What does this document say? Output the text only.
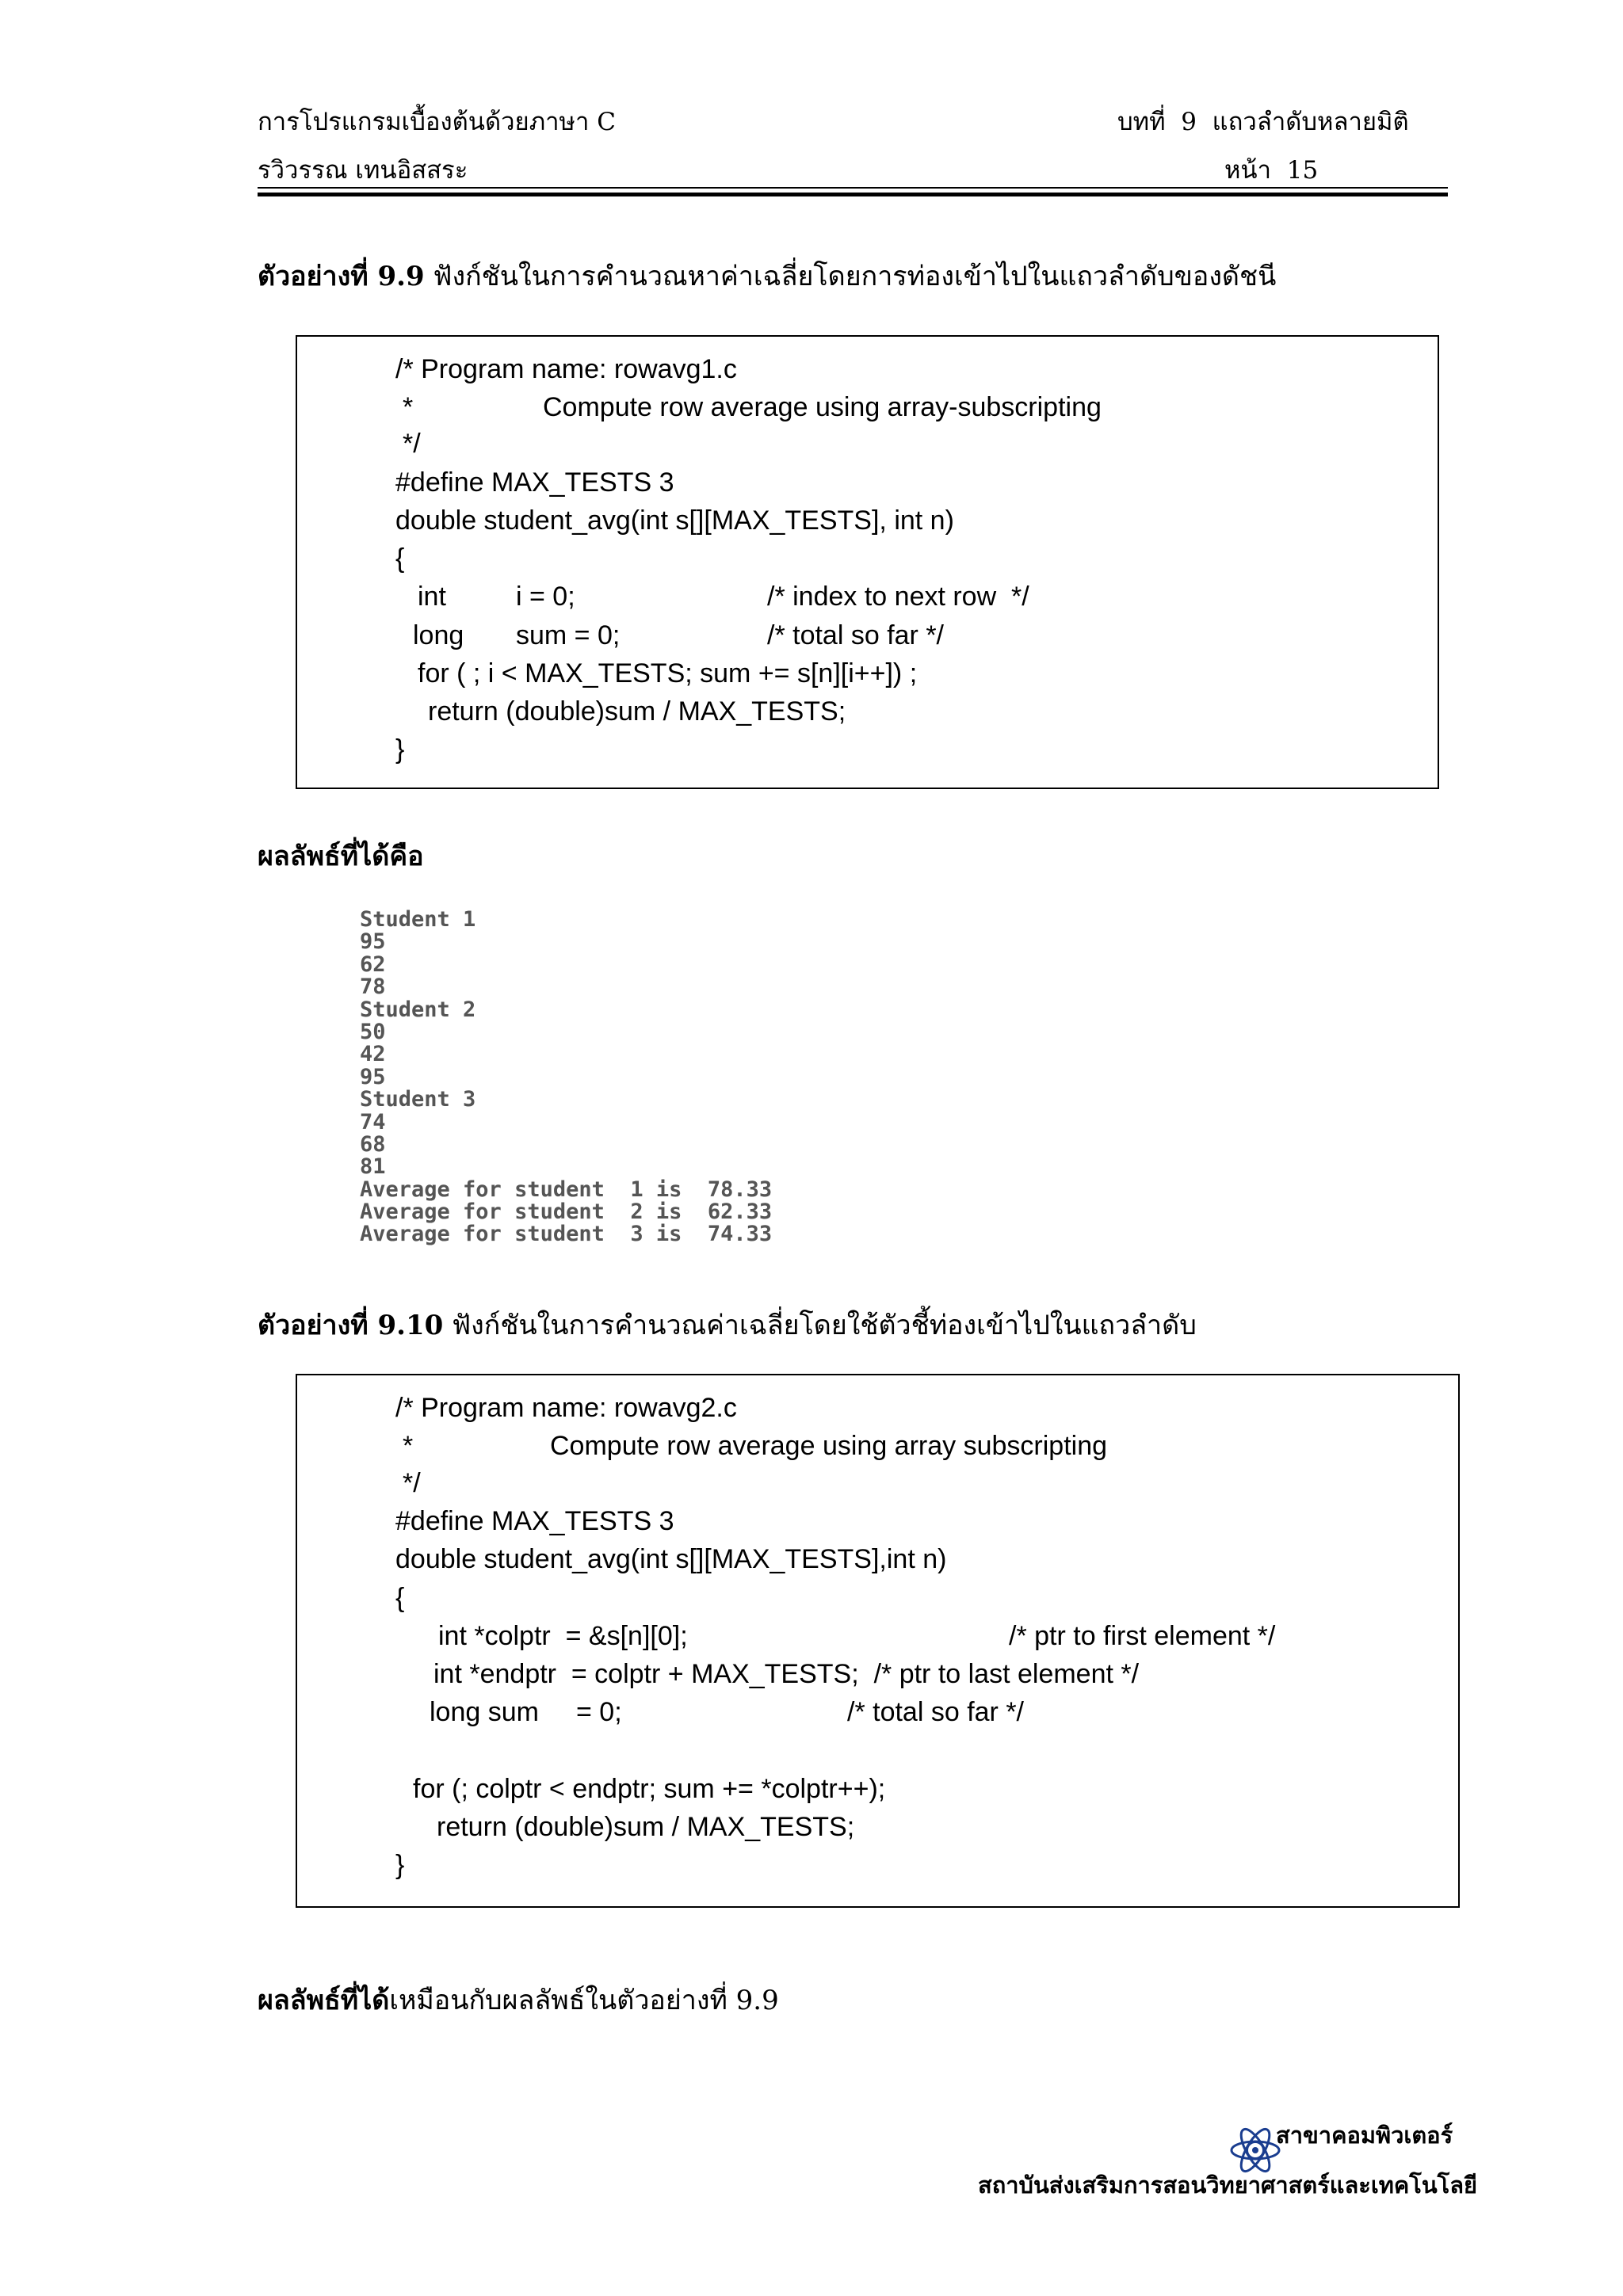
การโปรแกรมเบื้องต้นด้วยภาษา C	บทที่  9  แถวลำดับหลายมิติ
รวิวรรณ เทนอิสสระ	หน้า 15
ตัวอย่างที่ 9.9 ฟังก์ชันในการคำนวณหาค่าเฉลี่ยโดยการท่องเข้าไปในแถวลำดับของดัชนี
/* Program name: rowavg1.c
*	Compute row average using array-subscripting
*/
#define MAX_TESTS 3
double student_avg(int s[][MAX_TESTS], int n)
{
int	i = 0;	/* index to next row  */
long sum = 0;	/* total so far */
for ( ; i < MAX_TESTS; sum += s[n][i++]) ;
return (double)sum / MAX_TESTS;
}
ผลลัพธ์ที่ได้คือ
Student 1
95
62
78
Student 2
50
42
95
Student 3
74
68
81
Average for student  1 is  78.33
Average for student  2 is  62.33
Average for student  3 is  74.33
ตัวอย่างที่ 9.10 ฟังก์ชันในการคำนวณค่าเฉลี่ยโดยใช้ตัวชี้ท่องเข้าไปในแถวลำดับ
/* Program name: rowavg2.c
*	Compute row average using array subscripting
*/
#define MAX_TESTS 3
double student_avg(int s[][MAX_TESTS],int n)
{
int *colptr  = &s[n][0];	/* ptr to first element */
int *endptr  = colptr + MAX_TESTS;  /* ptr to last element */
long sum = 0;	/* total so far */
for (; colptr < endptr; sum += *colptr++);
return (double)sum / MAX_TESTS;
}
ผลลัพธ์ที่ได้เหมือนกับผลลัพธ์ในตัวอย่างที่ 9.9

สาขาคอมพิวเตอร์
สถาบันส่งเสริมการสอนวิทยาศาสตร์และเทคโนโลยี
